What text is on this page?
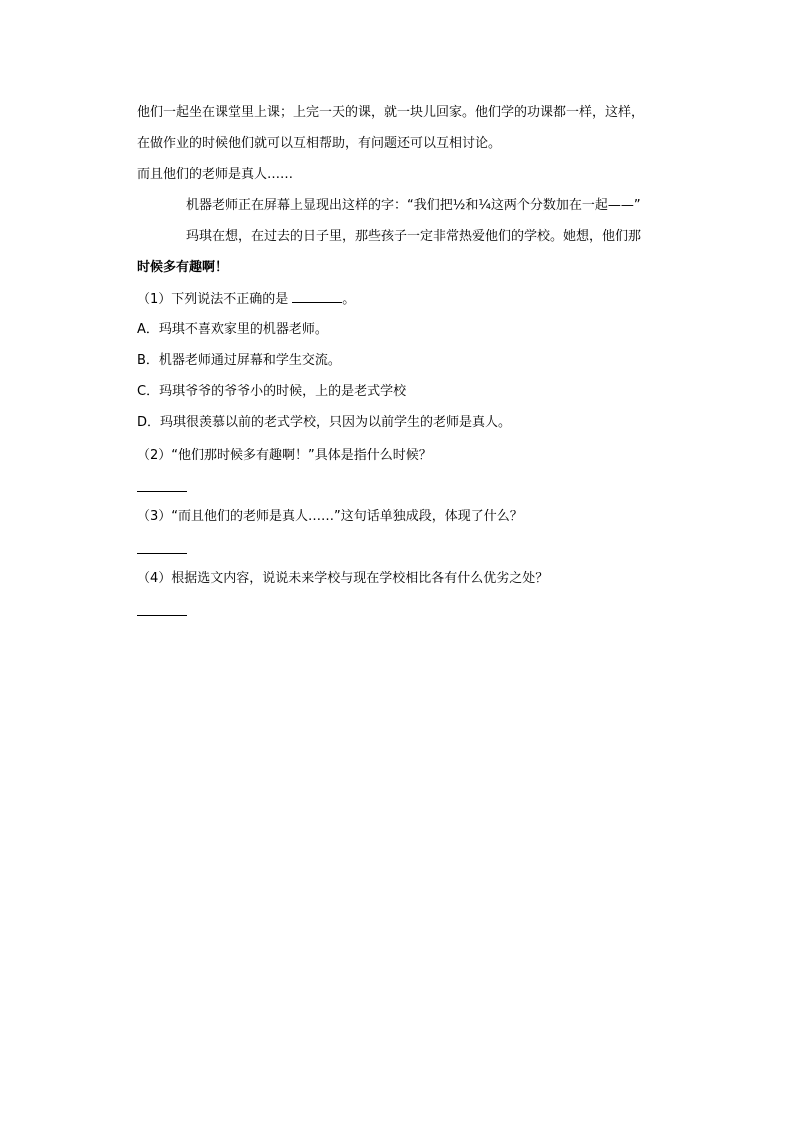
他们一起坐在课堂里上课；上完一天的课，就一块儿回家。他们学的功课都一样，这样，
在做作业的时候他们就可以互相帮助，有问题还可以互相讨论。
而且他们的老师是真人……
机器老师正在屏幕上显现出这样的字：“我们把½和¼这两个分数加在一起——”
玛琪在想，在过去的日子里，那些孩子一定非常热爱他们的学校。她想，他们那
时候多有趣啊！
（1）下列说法不正确的是	。
A．玛琪不喜欢家里的机器老师。
B．机器老师通过屏幕和学生交流。
C．玛琪爷爷的爷爷小的时候，上的是老式学校
D．玛琪很羡慕以前的老式学校，只因为以前学生的老师是真人。
（2）“他们那时候多有趣啊！”具体是指什么时候？
（3）“而且他们的老师是真人……”这句话单独成段，体现了什么？
（4）根据选文内容，说说未来学校与现在学校相比各有什么优劣之处？
